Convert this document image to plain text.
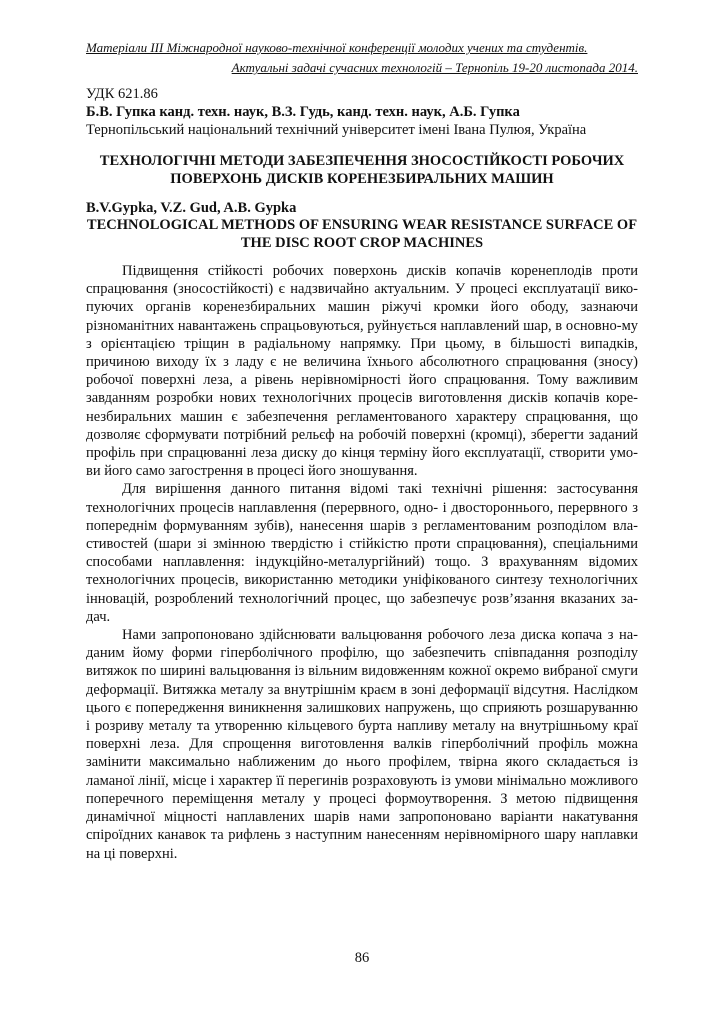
Матеріали III Міжнародної науково-технічної конференції молодих учених та студентів.
Актуальні задачі сучасних технологій – Тернопіль 19-20 листопада 2014.
УДК 621.86
Б.В. Гупка канд. техн. наук, В.З. Гудь, канд. техн. наук, А.Б. Гупка
Тернопільський національний технічний університет імені Івана Пулюя, Україна
ТЕХНОЛОГІЧНІ МЕТОДИ ЗАБЕЗПЕЧЕННЯ ЗНОСОСТІЙКОСТІ РОБОЧИХ ПОВЕРХОНЬ ДИСКІВ КОРЕНЕЗБИРАЛЬНИХ МАШИН
B.V.Gypka, V.Z. Gud, A.B. Gypka
TECHNOLOGICAL METHODS OF ENSURING WEAR RESISTANCE SURFACE OF THE DISC ROOT CROP MACHINES

Підвищення стійкості робочих поверхонь дисків копачів коренеплодів проти спрацювання (зносостійкості) є надзвичайно актуальним. У процесі експлуатації вико-пуючих органів коренезбиральних машин ріжучі кромки його ободу, зазнаючи різноманітних навантажень спрацьовуються, руйнується наплавлений шар, в основно-му з орієнтацією тріщин в радіальному напрямку. При цьому, в більшості випадків, причиною виходу їх з ладу є не величина їхнього абсолютного спрацювання (зносу) робочої поверхні леза, а рівень нерівномірності його спрацювання. Тому важливим завданням розробки нових технологічних процесів виготовлення дисків копачів коре-незбиральних машин є забезпечення регламентованого характеру спрацювання, що дозволяє сформувати потрібний рельєф на робочій поверхні (кромці), зберегти заданий профіль при спрацюванні леза диску до кінця терміну його експлуатації, створити умо-ви його само загострення в процесі його зношування.

Для вирішення данного питання відомі такі технічні рішення: застосування технологічних процесів наплавлення (перервного, одно- і двостороннього, перервного з попереднім формуванням зубів), нанесення шарів з регламентованим розподілом вла-стивостей (шари зі змінною твердістю і стійкістю проти спрацювання), спеціальними способами наплавлення: індукційно-металургійний) тощо. З врахуванням відомих технологічних процесів, використанню методики уніфікованого синтезу технологічних інновацій, розроблений технологічний процес, що забезпечує розв’язання вказаних за-дач.

Нами запропоновано здійснювати вальцювання робочого леза диска копача з на-даним йому форми гіперболічного профілю, що забезпечить співпадання розподілу витяжок по ширині вальцювання із вільним видовженням кожної окремо вибраної смуги деформації. Витяжка металу за внутрішнім краєм в зоні деформації відсутня. Наслідком цього є попередження виникнення залишкових напружень, що сприяють розшаруванню і розриву металу та утворенню кільцевого бурта напливу металу на внутрішньому краї поверхні леза. Для спрощення виготовлення валків гіперболічний профіль можна замінити максимально наближеним до нього профілем, твірна якого складається із ламаної лінії, місце і характер її перегинів розраховують із умови мінімально можливого поперечного переміщення металу у процесі формоутворення. З метою підвищення динамічної міцності наплавлених шарів нами запропоновано варіанти накатування спіроїдних канавок та рифлень з наступним нанесенням нерівномірного шару наплавки на ці поверхні.

86
